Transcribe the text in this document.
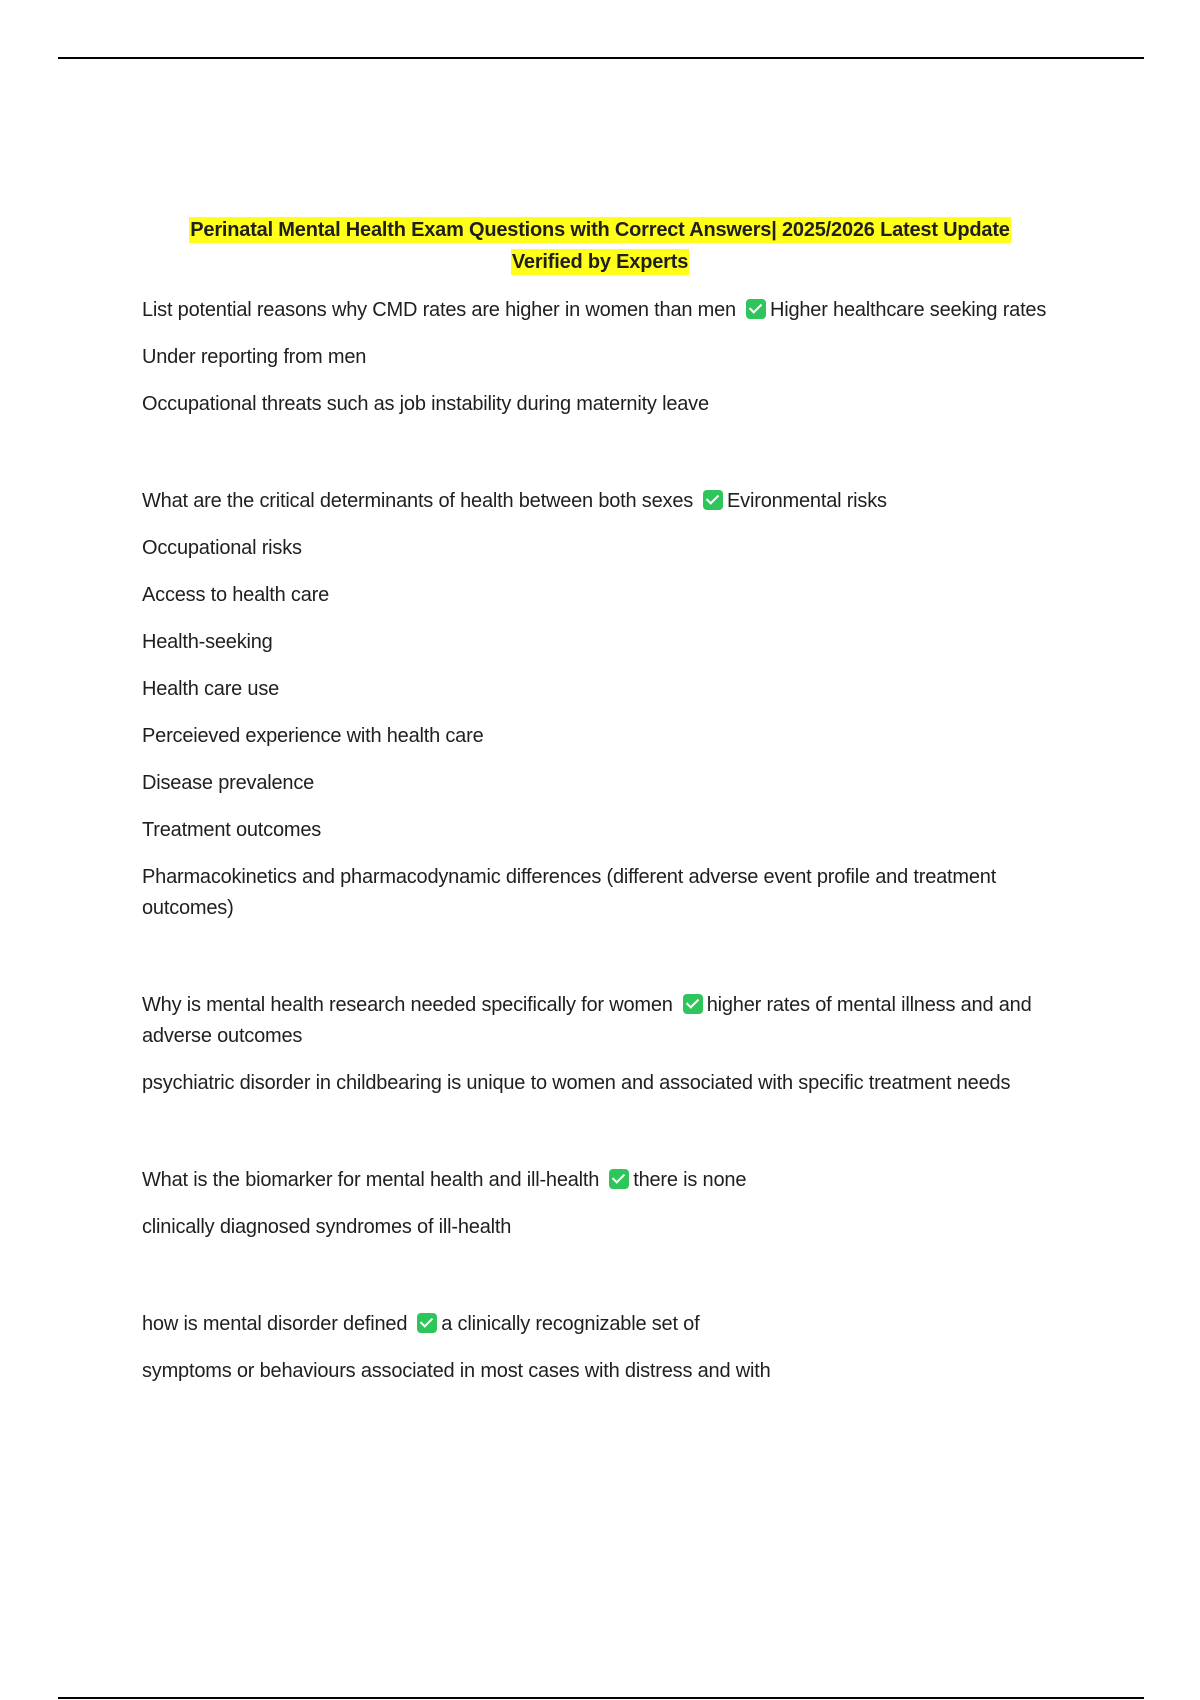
Perinatal Mental Health Exam Questions with Correct Answers| 2025/2026 Latest Update
Verified by Experts
List potential reasons why CMD rates are higher in women than men Higher healthcare seeking rates
Under reporting from men
Occupational threats such as job instability during maternity leave
What are the critical determinants of health between both sexes Evironmental risks
Occupational risks
Access to health care
Health-seeking
Health care use
Perceieved experience with health care
Disease prevalence
Treatment outcomes
Pharmacokinetics and pharmacodynamic differences (different adverse event profile and treatment outcomes)
Why is mental health research needed specifically for women higher rates of mental illness and and adverse outcomes
psychiatric disorder in childbearing is unique to women and associated with specific treatment needs
What is the biomarker for mental health and ill-health there is none
clinically diagnosed syndromes of ill-health
how is mental disorder defined a clinically recognizable set of
symptoms or behaviours associated in most cases with distress and with
